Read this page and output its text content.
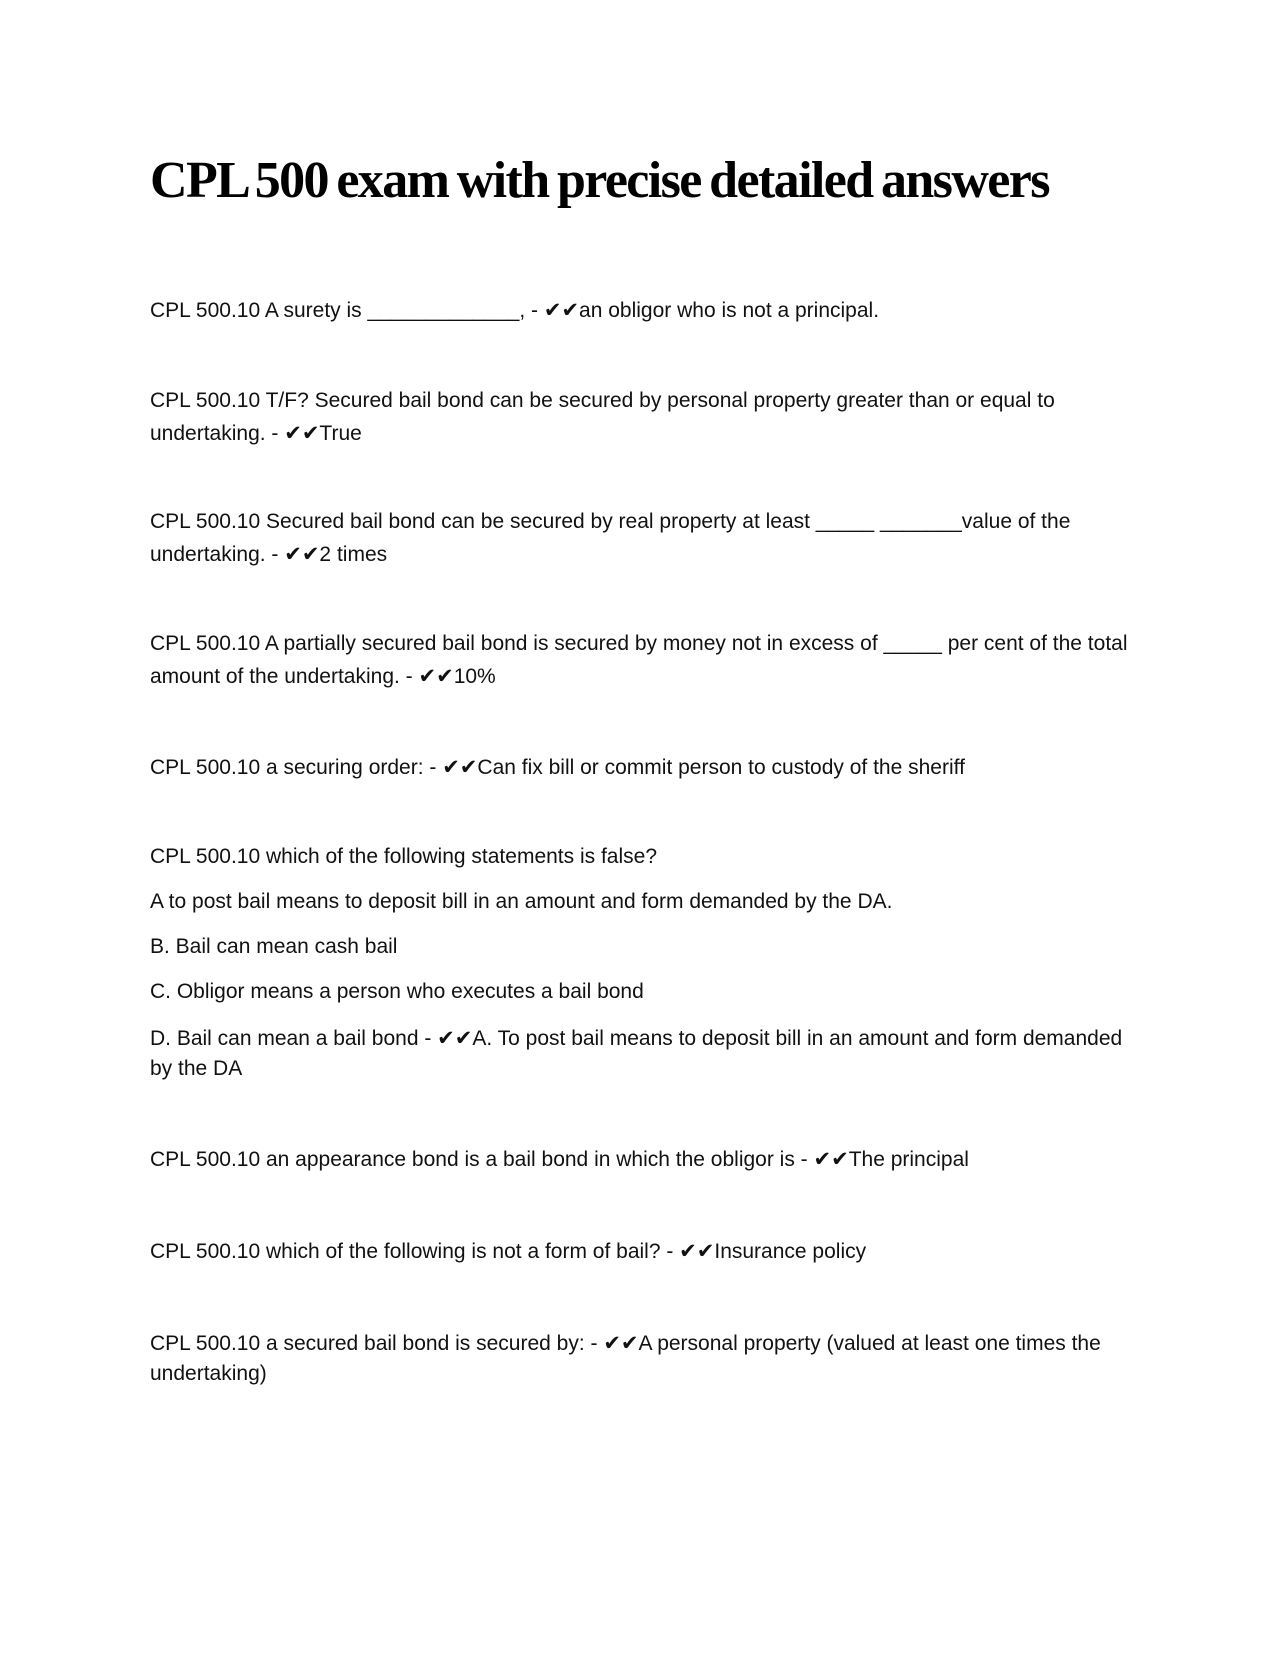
CPL 500 exam with precise detailed answers

CPL 500.10 A surety is _____________, - ✔✔an obligor who is not a principal.

CPL 500.10 T/F? Secured bail bond can be secured by personal property greater than or equal to undertaking. - ✔✔True

CPL 500.10 Secured bail bond can be secured by real property at least _____ _______value of the undertaking. - ✔✔2 times

CPL 500.10 A partially secured bail bond is secured by money not in excess of _____ per cent of the total amount of the undertaking. - ✔✔10%

CPL 500.10 a securing order: - ✔✔Can fix bill or commit person to custody of the sheriff

CPL 500.10 which of the following statements is false?

A to post bail means to deposit bill in an amount and form demanded by the DA.

B. Bail can mean cash bail

C. Obligor means a person who executes a bail bond

D. Bail can mean a bail bond - ✔✔A. To post bail means to deposit bill in an amount and form demanded by the DA

CPL 500.10 an appearance bond is a bail bond in which the obligor is - ✔✔The principal

CPL 500.10 which of the following is not a form of bail? - ✔✔Insurance policy

CPL 500.10 a secured bail bond is secured by: - ✔✔A personal property (valued at least one times the undertaking)
